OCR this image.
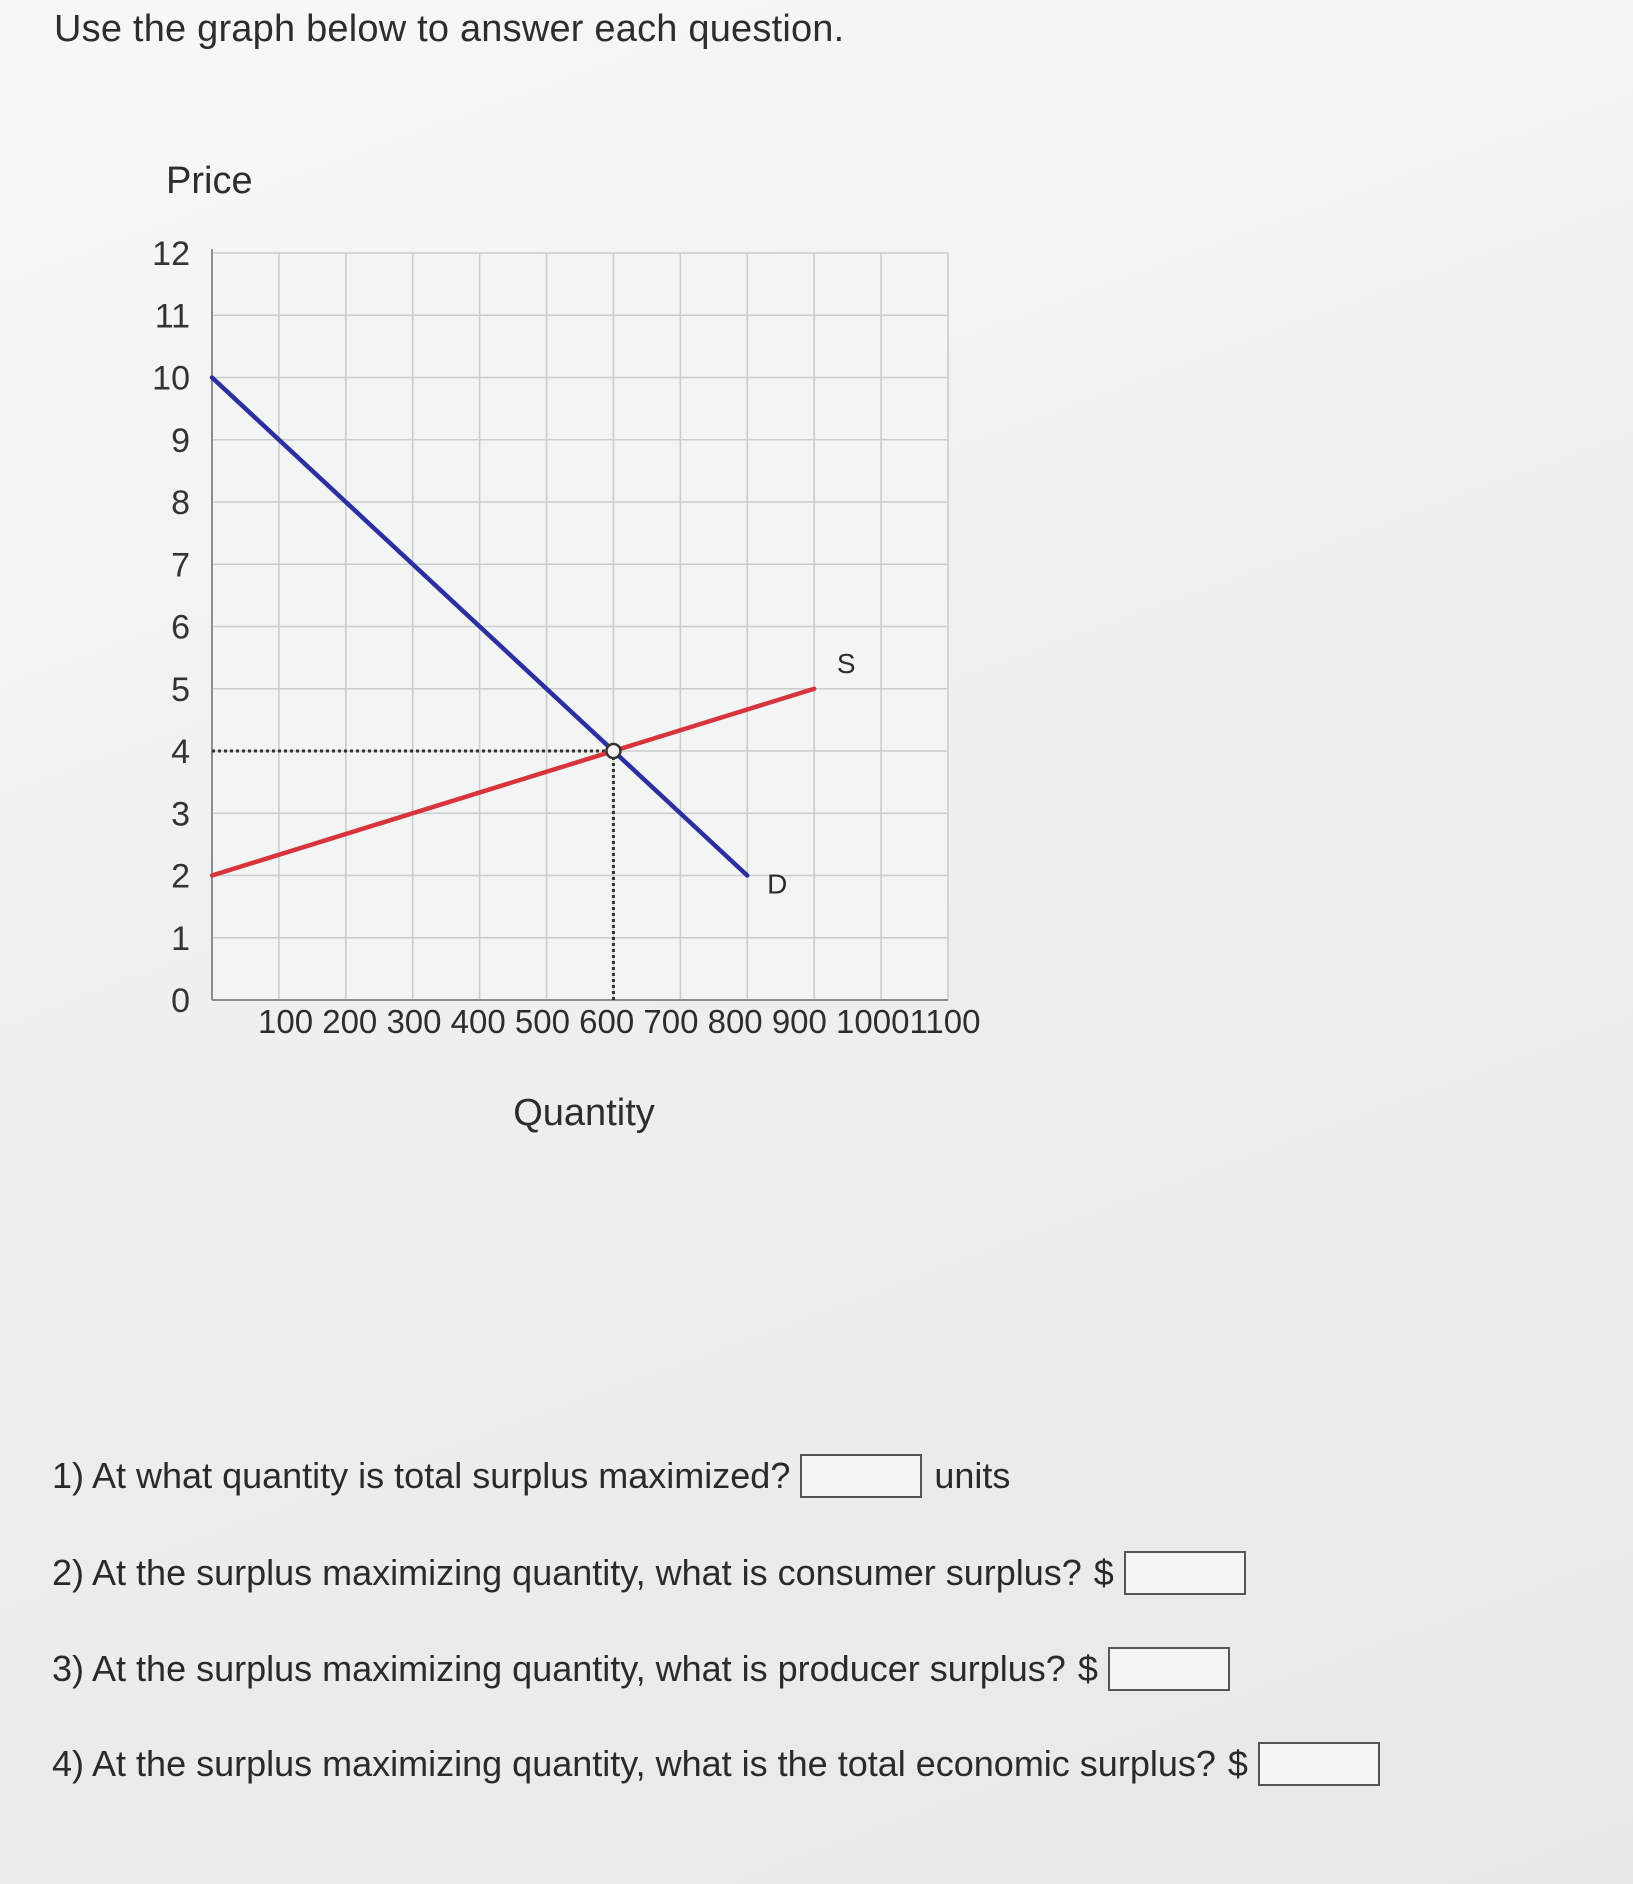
Use the graph below to answer each question.
0
1
2
3
4
5
6
7
8
9
10
11
12
100 200 300 400 500 600 700 800 900 10001100
Price
Quantity
D
S
1) At what quantity is total surplus maximized?	units
2) At the surplus maximizing quantity, what is consumer surplus? $
3) At the surplus maximizing quantity, what is producer surplus? $
4) At the surplus maximizing quantity, what is the total economic surplus? $
